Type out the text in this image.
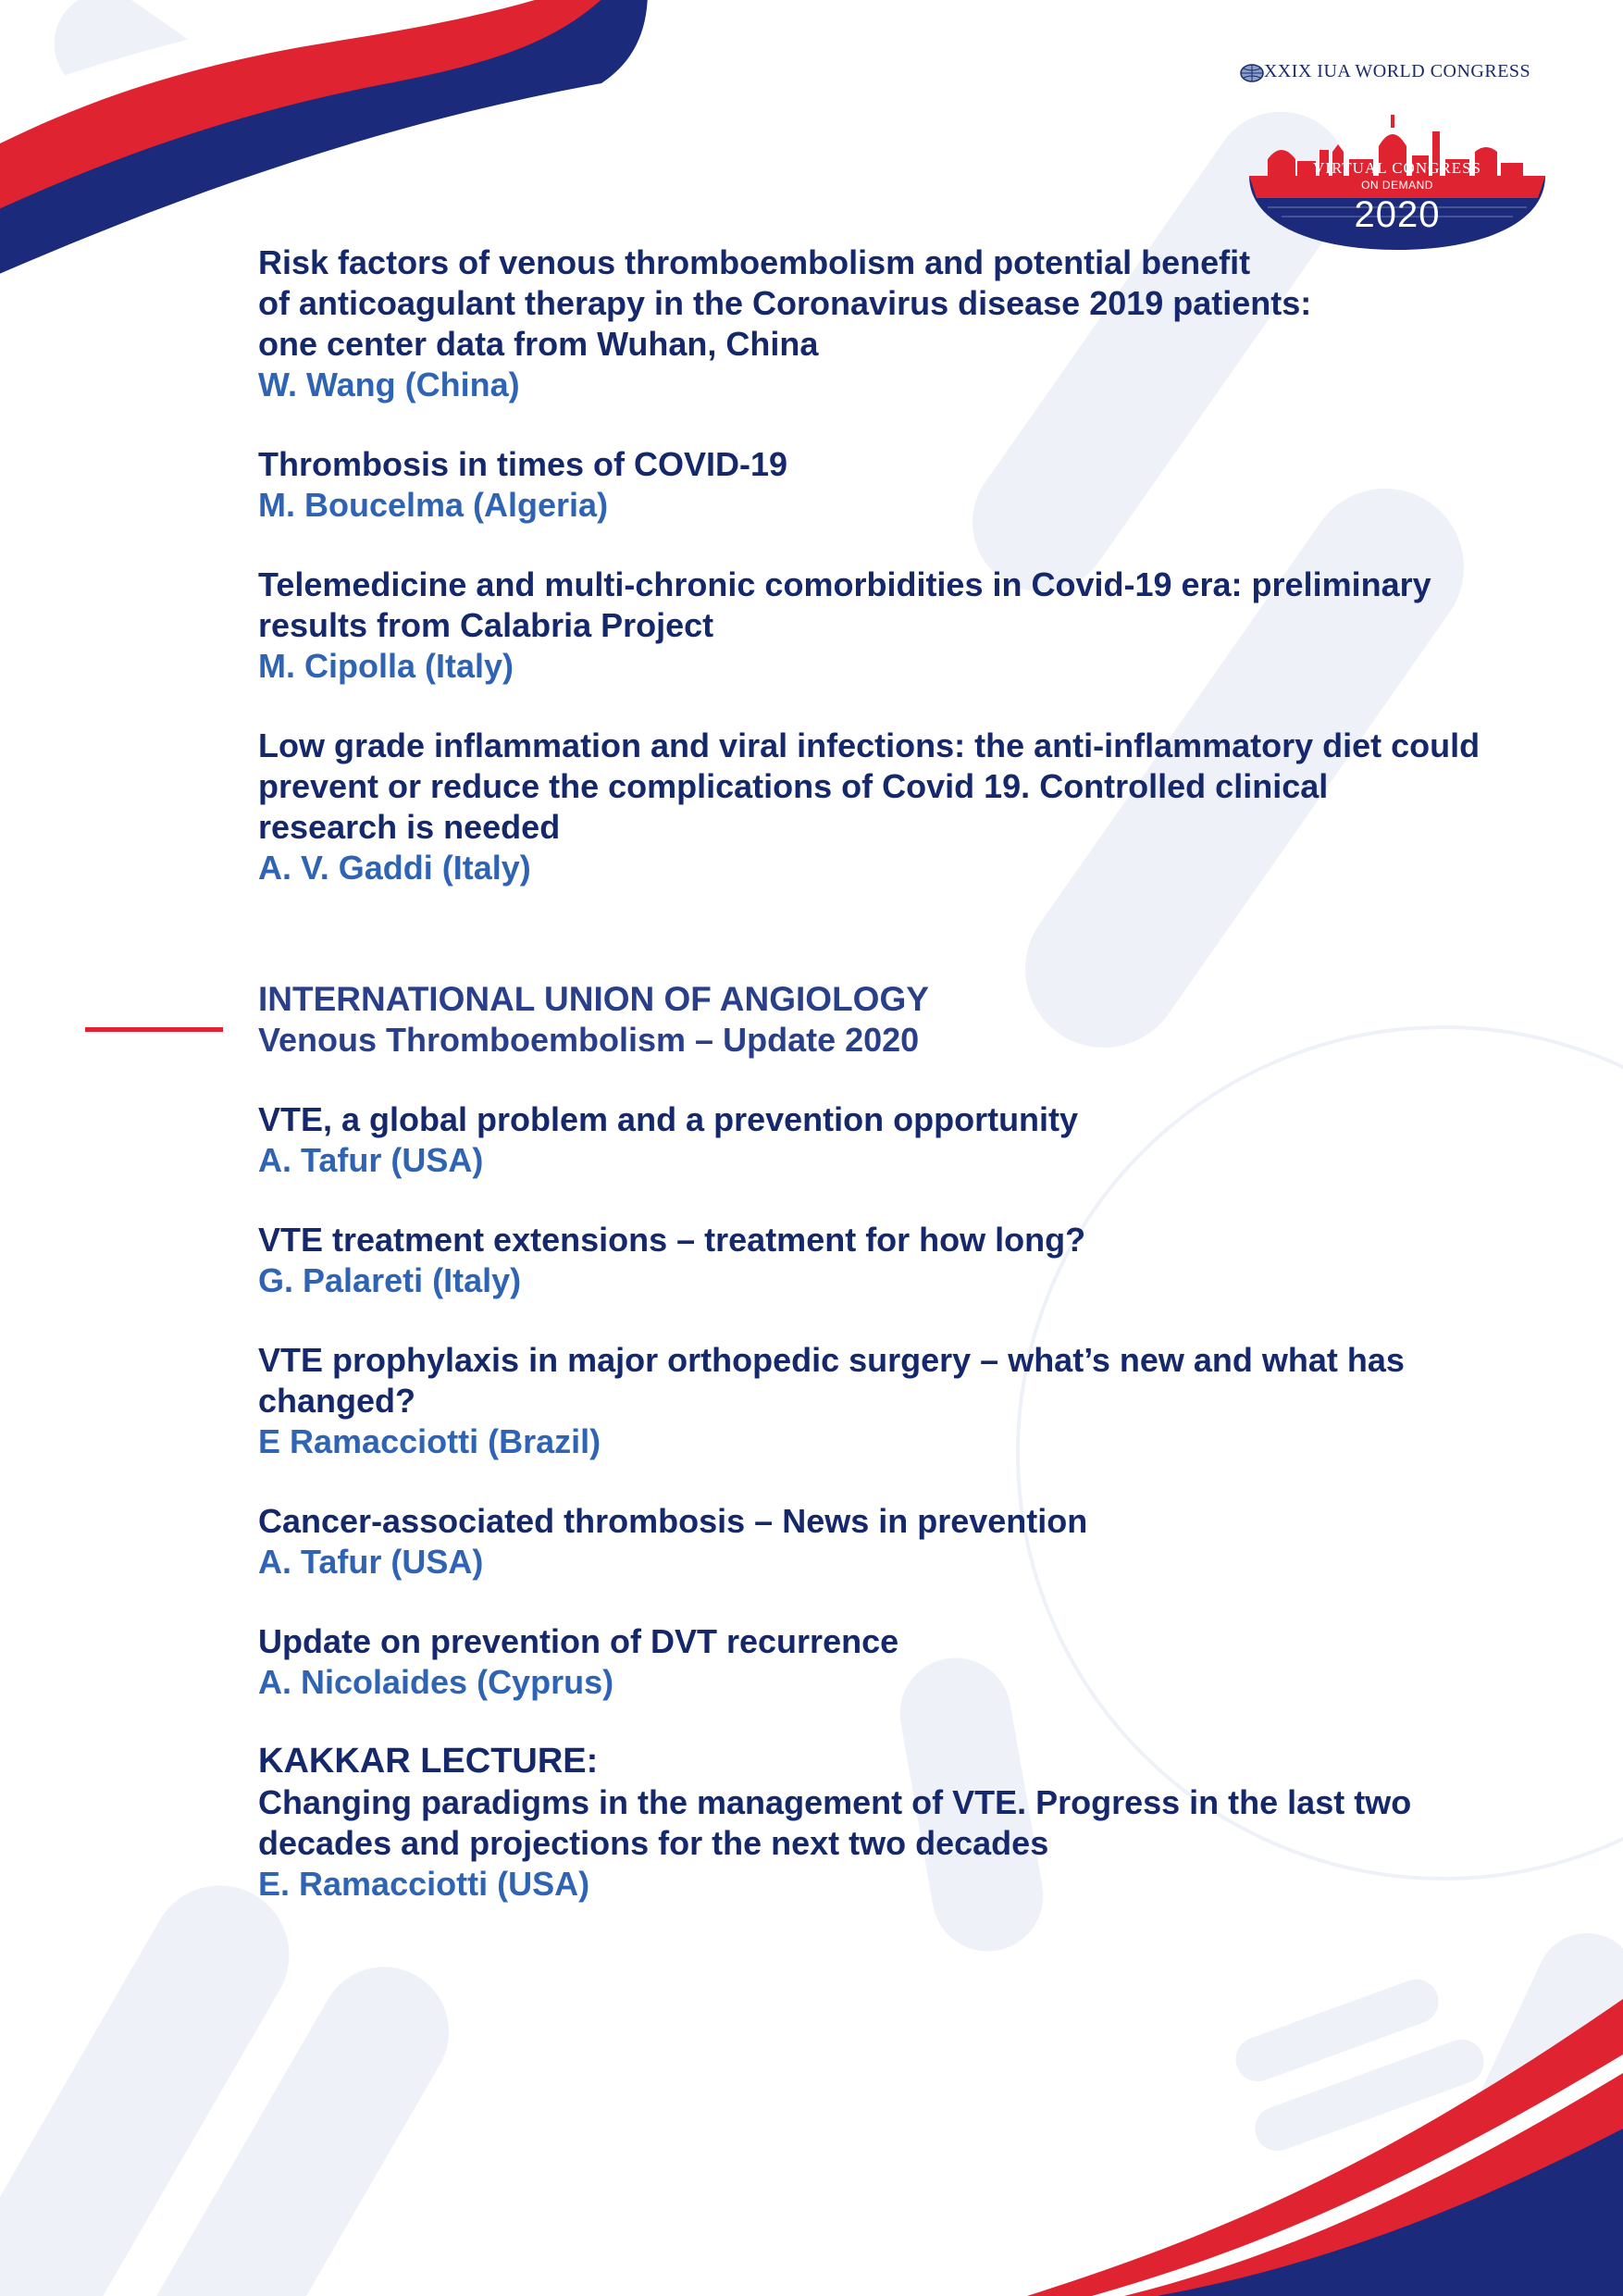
XXIX IUA WORLD CONGRESS
VIRTUAL CONGRESS
ON DEMAND
2020

Risk factors of venous thromboembolism and potential benefit

of anticoagulant therapy in the Coronavirus disease 2019 patients:

one center data from Wuhan, China

W. Wang (China)

Thrombosis in times of COVID-19

M. Boucelma (Algeria)

Telemedicine and multi-chronic comorbidities in Covid-19 era: preliminary

results from Calabria Project

M. Cipolla (Italy)

Low grade inflammation and viral infections: the anti-inflammatory diet could

prevent or reduce the complications of Covid 19. Controlled clinical

research is needed

A. V. Gaddi (Italy)

INTERNATIONAL UNION OF ANGIOLOGY

Venous Thromboembolism – Update 2020

VTE, a global problem and a prevention opportunity

A. Tafur (USA)

VTE treatment extensions – treatment for how long?

G. Palareti (Italy)

VTE prophylaxis in major orthopedic surgery – what’s new and what has

changed?

E Ramacciotti (Brazil)

Cancer-associated thrombosis – News in prevention

A. Tafur (USA)

Update on prevention of DVT recurrence

A. Nicolaides (Cyprus)

KAKKAR LECTURE:

Changing paradigms in the management of VTE. Progress in the last two

decades and projections for the next two decades

E. Ramacciotti (USA)
